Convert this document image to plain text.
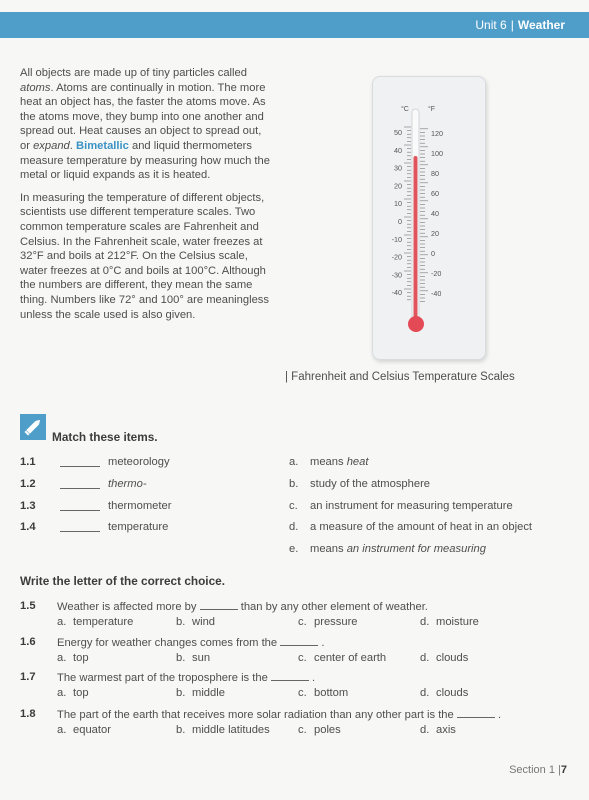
Unit 6 | Weather

All objects are made up of tiny particles called atoms. Atoms are continually in motion. The more heat an object has, the faster the atoms move. As the atoms move, they bump into one another and spread out. Heat causes an object to spread out, or expand. Bimetallic and liquid thermometers measure temperature by measuring how much the metal or liquid expands as it is heated.

In measuring the temperature of different objects, scientists use different temperature scales. Two common temperature scales are Fahrenheit and Celsius. In the Fahrenheit scale, water freezes at 32°F and boils at 212°F. On the Celsius scale, water freezes at 0°C and boils at 100°C. Although the numbers are different, they mean the same thing. Numbers like 72° and 100° are meaningless unless the scale used is also given.

°C	°F
50
40
30
20
10
0
-10
-20
-30
-40
120
100
80
60
40
20
0
-20
-40
| Fahrenheit and Celsius Temperature Scales
Match these items.
1.1	meteorology
1.2	thermo-
1.3	thermometer
1.4	temperature
a. means heat
b. study of the atmosphere
c. an instrument for measuring temperature
d. a measure of the amount of heat in an object
e. means an instrument for measuring
Write the letter of the correct choice.
1.5 Weather is affected more by	than by any other element of weather.
a. temperature	b. wind	c. pressure	d. moisture
1.6 Energy for weather changes comes from the	.
a. top	b. sun	c. center of earth	d. clouds
1.7 The warmest part of the troposphere is the	.
a. top	b. middle	c. bottom	d. clouds
1.8 The part of the earth that receives more solar radiation than any other part is the	.
a. equator	b. middle latitudes	c. poles	d. axis
Section 1 |7
